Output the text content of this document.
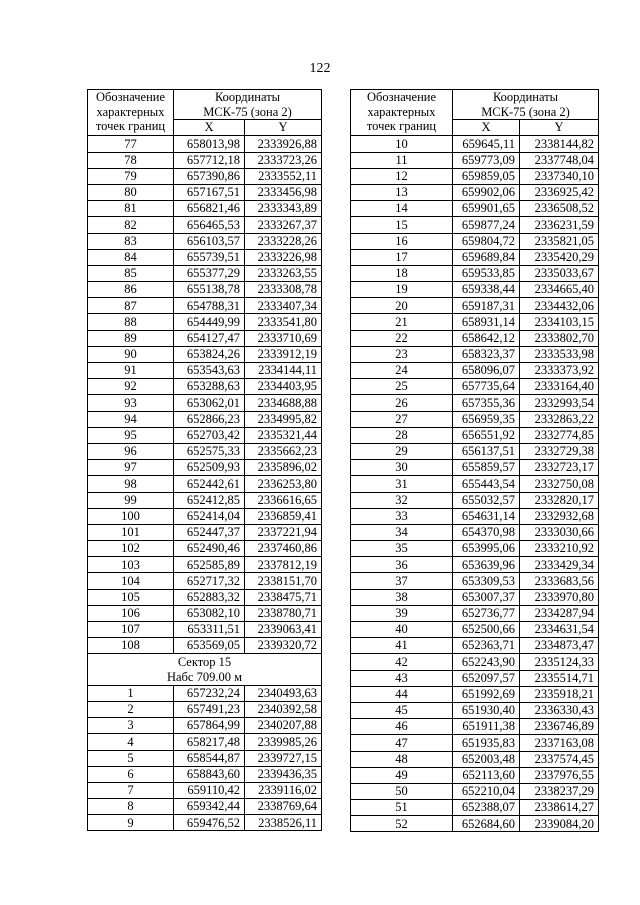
122
Обозначение
характерных
точек границ	Координаты
МСК-75 (зона 2)	

	X	Y
77	658013,98	2333926,88
78	657712,18	2333723,26
79	657390,86	2333552,11
80	657167,51	2333456,98
81	656821,46	2333343,89
82	656465,53	2333267,37
83	656103,57	2333228,26
84	655739,51	2333226,98
85	655377,29	2333263,55
86	655138,78	2333308,78
87	654788,31	2333407,34
88	654449,99	2333541,80
89	654127,47	2333710,69
90	653824,26	2333912,19
91	653543,63	2334144,11
92	653288,63	2334403,95
93	653062,01	2334688,88
94	652866,23	2334995,82
95	652703,42	2335321,44
96	652575,33	2335662,23
97	652509,93	2335896,02
98	652442,61	2336253,80
99	652412,85	2336616,65
100	652414,04	2336859,41
101	652447,37	2337221,94
102	652490,46	2337460,86
103	652585,89	2337812,19
104	652717,32	2338151,70
105	652883,32	2338475,71
106	653082,10	2338780,71
107	653311,51	2339063,41
108	653569,05	2339320,72
Сектор 15		
Набс 709.00 м		
1	657232,24	2340493,63
2	657491,23	2340392,58
3	657864,99	2340207,88
4	658217,48	2339985,26
5	658544,87	2339727,15
6	658843,60	2339436,35
7	659110,42	2339116,02
8	659342,44	2338769,64
9	659476,52	2338526,11
Обозначение
характерных
точек границ	Координаты
МСК-75 (зона 2)	

	X	Y
10	659645,11	2338144,82
11	659773,09	2337748,04
12	659859,05	2337340,10
13	659902,06	2336925,42
14	659901,65	2336508,52
15	659877,24	2336231,59
16	659804,72	2335821,05
17	659689,84	2335420,29
18	659533,85	2335033,67
19	659338,44	2334665,40
20	659187,31	2334432,06
21	658931,14	2334103,15
22	658642,12	2333802,70
23	658323,37	2333533,98
24	658096,07	2333373,92
25	657735,64	2333164,40
26	657355,36	2332993,54
27	656959,35	2332863,22
28	656551,92	2332774,85
29	656137,51	2332729,38
30	655859,57	2332723,17
31	655443,54	2332750,08
32	655032,57	2332820,17
33	654631,14	2332932,68
34	654370,98	2333030,66
35	653995,06	2333210,92
36	653639,96	2333429,34
37	653309,53	2333683,56
38	653007,37	2333970,80
39	652736,77	2334287,94
40	652500,66	2334631,54
41	652363,71	2334873,47
42	652243,90	2335124,33
43	652097,57	2335514,71
44	651992,69	2335918,21
45	651930,40	2336330,43
46	651911,38	2336746,89
47	651935,83	2337163,08
48	652003,48	2337574,45
49	652113,60	2337976,55
50	652210,04	2338237,29
51	652388,07	2338614,27
52	652684,60	2339084,20
